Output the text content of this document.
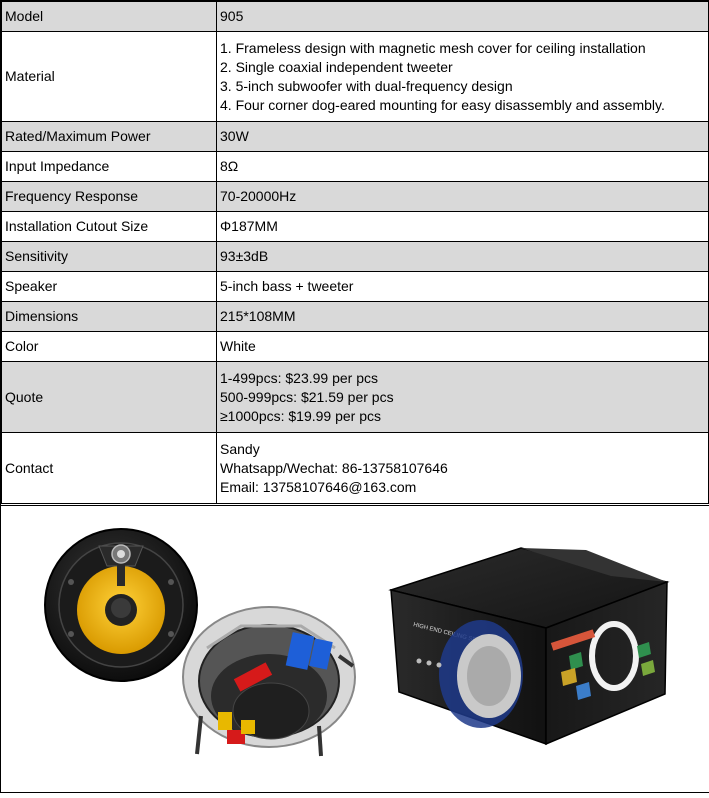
Model	905
Material	1. Frameless design with magnetic mesh cover for ceiling installation
2. Single coaxial independent tweeter
3. 5-inch subwoofer with dual-frequency design
4. Four corner dog-eared mounting for easy disassembly and assembly.

Rated/Maximum Power	30W
Input Impedance	8Ω
Frequency Response	70-20000Hz
Installation Cutout Size	Φ187MM
Sensitivity	93±3dB
Speaker	5-inch bass + tweeter
Dimensions	215*108MM
Color	White
Quote	1-499pcs: $23.99 per pcs
500-999pcs: $21.59 per pcs
≥1000pcs: $19.99 per pcs

Contact	Sandy
Whatsapp/Wechat: 86-13758107646
Email: 13758107646@163.com
HIGH END
